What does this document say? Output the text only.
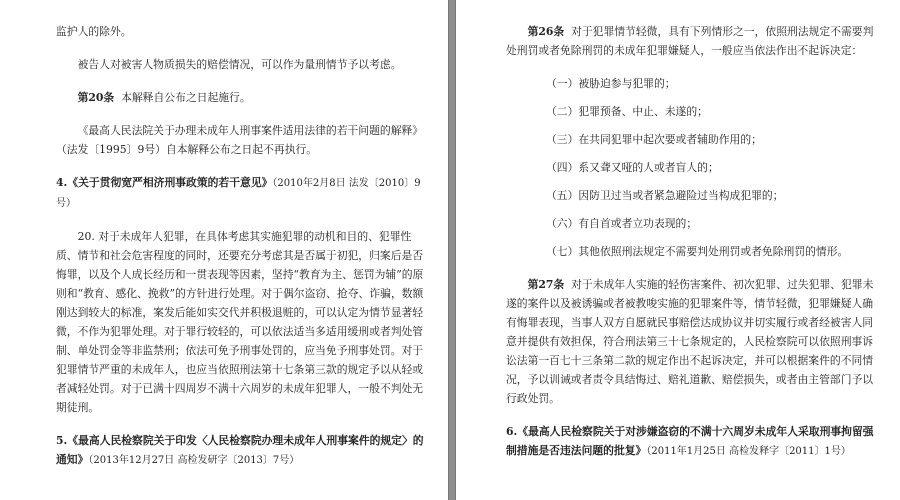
监护人的除外。

被告人对被害人物质损失的赔偿情况，可以作为量刑情节予以考虑。

第20条 本解释自公布之日起施行。

《最高人民法院关于办理未成年人刑事案件适用法律的若干问题的解释》（法发〔1995〕9号）自本解释公布之日起不再执行。

4.《关于贯彻宽严相济刑事政策的若干意见》（2010年2月8日 法发〔2010〕9号）

20. 对于未成年人犯罪，在具体考虑其实施犯罪的动机和目的、犯罪性质、情节和社会危害程度的同时，还要充分考虑其是否属于初犯，归案后是否悔罪，以及个人成长经历和一贯表现等因素，坚持“教育为主、惩罚为辅”的原则和“教育、感化、挽救”的方针进行处理。对于偶尔盗窃、抢夺、诈骗，数额刚达到较大的标准，案发后能如实交代并积极退赃的，可以认定为情节显著轻微，不作为犯罪处理。对于罪行较轻的，可以依法适当多适用缓刑或者判处管制、单处罚金等非监禁刑；依法可免予刑事处罚的，应当免予刑事处罚。对于犯罪情节严重的未成年人，也应当依照刑法第十七条第三款的规定予以从轻或者减轻处罚。对于已满十四周岁不满十六周岁的未成年犯罪人，一般不判处无期徒刑。

5.《最高人民检察院关于印发〈人民检察院办理未成年人刑事案件的规定〉的通知》（2013年12月27日 高检发研字〔2013〕7号）

第26条 对于犯罪情节轻微，具有下列情形之一，依照刑法规定不需要判处刑罚或者免除刑罚的未成年犯罪嫌疑人，一般应当依法作出不起诉决定：

（一）被胁迫参与犯罪的；

（二）犯罪预备、中止、未遂的；

（三）在共同犯罪中起次要或者辅助作用的；

（四）系又聋又哑的人或者盲人的；

（五）因防卫过当或者紧急避险过当构成犯罪的；

（六）有自首或者立功表现的；

（七）其他依照刑法规定不需要判处刑罚或者免除刑罚的情形。

第27条 对于未成年人实施的轻伤害案件、初次犯罪、过失犯罪、犯罪未遂的案件以及被诱骗或者被教唆实施的犯罪案件等，情节轻微，犯罪嫌疑人确有悔罪表现，当事人双方自愿就民事赔偿达成协议并切实履行或者经被害人同意并提供有效担保，符合刑法第三十七条规定的，人民检察院可以依照刑事诉讼法第一百七十三条第二款的规定作出不起诉决定，并可以根据案件的不同情况，予以训诫或者责令具结悔过、赔礼道歉、赔偿损失，或者由主管部门予以行政处罚。

6.《最高人民检察院关于对涉嫌盗窃的不满十六周岁未成年人采取刑事拘留强制措施是否违法问题的批复》（2011年1月25日 高检发释字〔2011〕1号）
